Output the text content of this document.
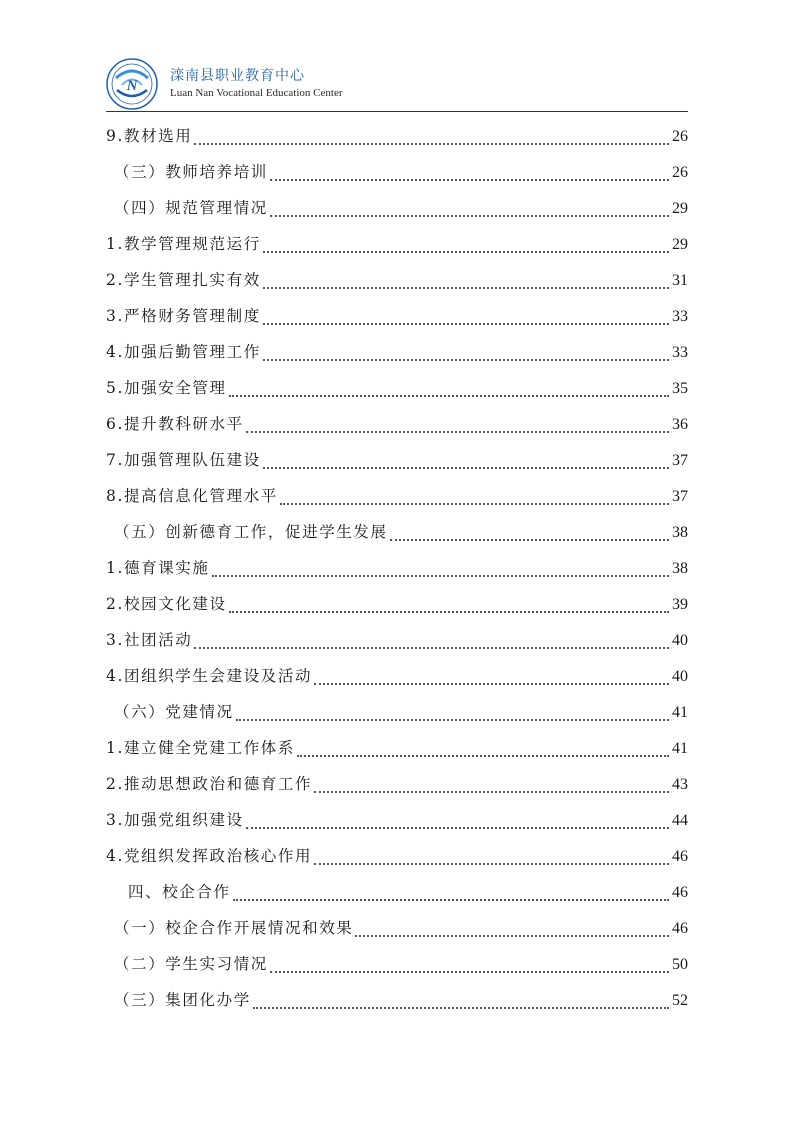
N
滦南县职业教育中心
Luan Nan Vocational Education Center
9.教材选用	26
（三）教师培养培训	26
（四）规范管理情况	29
1.教学管理规范运行	29
2.学生管理扎实有效	31
3.严格财务管理制度	33
4.加强后勤管理工作	33
5.加强安全管理	35
6.提升教科研水平	36
7.加强管理队伍建设	37
8.提高信息化管理水平	37
（五）创新德育工作，促进学生发展	38
1.德育课实施	38
2.校园文化建设	39
3.社团活动	40
4.团组织学生会建设及活动	40
（六）党建情况	41
1.建立健全党建工作体系	41
2.推动思想政治和德育工作	43
3.加强党组织建设	44
4.党组织发挥政治核心作用	46
四、校企合作	46
（一）校企合作开展情况和效果	46
（二）学生实习情况	50
（三）集团化办学	52
